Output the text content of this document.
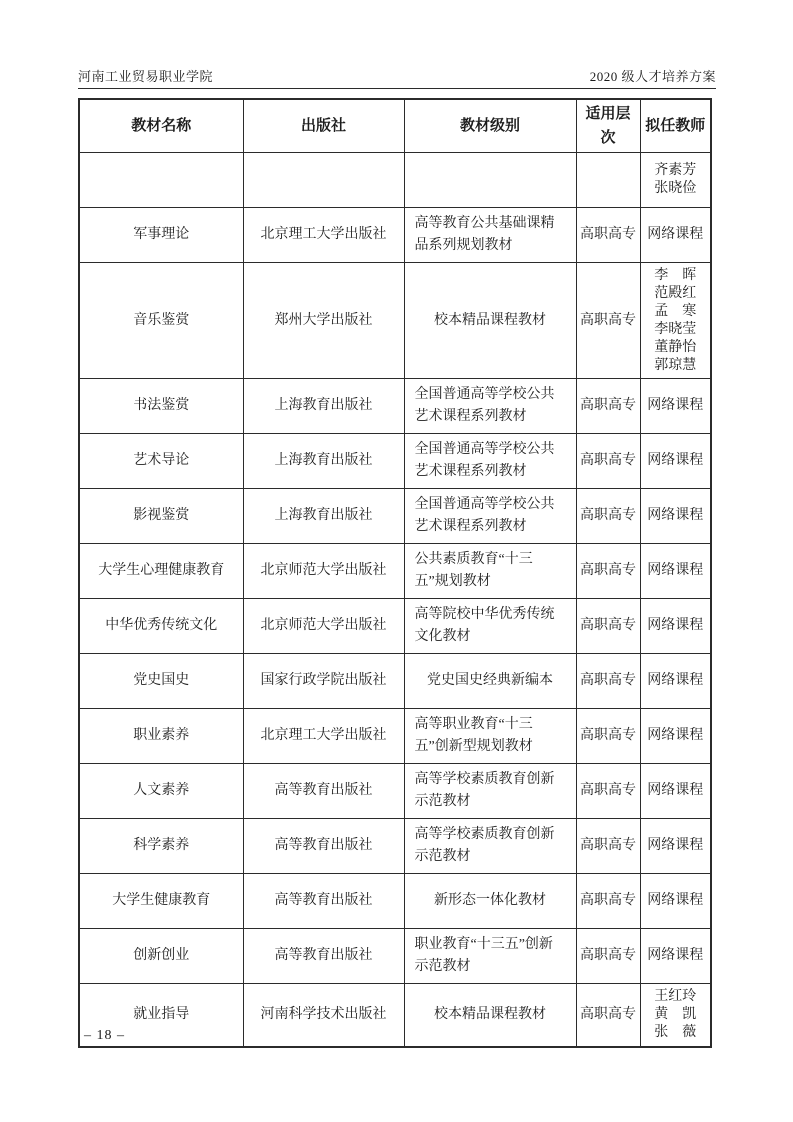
河南工业贸易职业学院	2020 级人才培养方案
教材名称	出版社	教材级别	适用层次	拟任教师

				齐素芳
张晓俭

军事理论	北京理工大学出版社	高等教育公共基础课精品系列规划教材	高职高专	网络课程

音乐鉴赏	郑州大学出版社	校本精品课程教材	高职高专	
李　晖
范殿红
孟　寒
李晓莹
董静怡
郭琼慧

书法鉴赏	上海教育出版社	全国普通高等学校公共艺术课程系列教材	高职高专	网络课程

艺术导论	上海教育出版社	全国普通高等学校公共艺术课程系列教材	高职高专	网络课程

影视鉴赏	上海教育出版社	全国普通高等学校公共艺术课程系列教材	高职高专	网络课程

大学生心理健康教育	北京师范大学出版社	公共素质教育“十三五”规划教材	高职高专	网络课程

中华优秀传统文化	北京师范大学出版社	高等院校中华优秀传统文化教材	高职高专	网络课程

党史国史	国家行政学院出版社	党史国史经典新编本	高职高专	网络课程

职业素养	北京理工大学出版社	高等职业教育“十三五”创新型规划教材	高职高专	网络课程

人文素养	高等教育出版社	高等学校素质教育创新示范教材	高职高专	网络课程

科学素养	高等教育出版社	高等学校素质教育创新示范教材	高职高专	网络课程

大学生健康教育	高等教育出版社	新形态一体化教材	高职高专	网络课程

创新创业	高等教育出版社	职业教育“十三五”创新示范教材	高职高专	网络课程

就业指导	河南科学技术出版社	校本精品课程教材	高职高专	王红玲
黄　凯
张　薇
– 18 –
